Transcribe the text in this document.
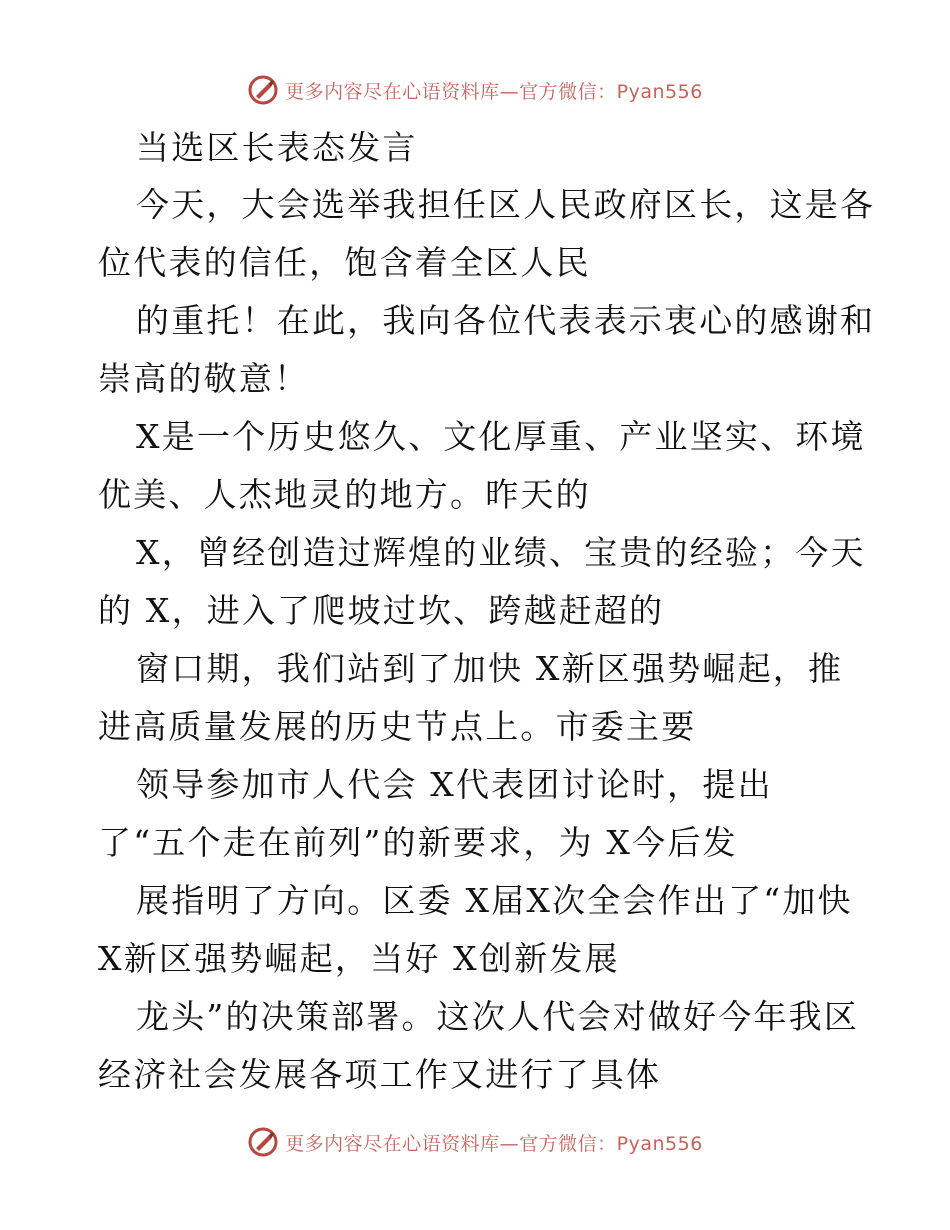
更多内容尽在心语资料库—官方微信：Pyan556
当选区长表态发言
今天，大会选举我担任区人民政府区长，这是各
位代表的信任，饱含着全区人民
的重托！在此，我向各位代表表示衷心的感谢和
崇高的敬意！
X是一个历史悠久、文化厚重、产业坚实、环境
优美、人杰地灵的地方。昨天的
X，曾经创造过辉煌的业绩、宝贵的经验；今天
的 X，进入了爬坡过坎、跨越赶超的
窗口期，我们站到了加快 X新区强势崛起，推
进高质量发展的历史节点上。市委主要
领导参加市人代会 X代表团讨论时，提出
了“五个走在前列”的新要求，为 X今后发
展指明了方向。区委 X届X次全会作出了“加快
X新区强势崛起，当好 X创新发展
龙头”的决策部署。这次人代会对做好今年我区
经济社会发展各项工作又进行了具体
更多内容尽在心语资料库—官方微信：Pyan556
